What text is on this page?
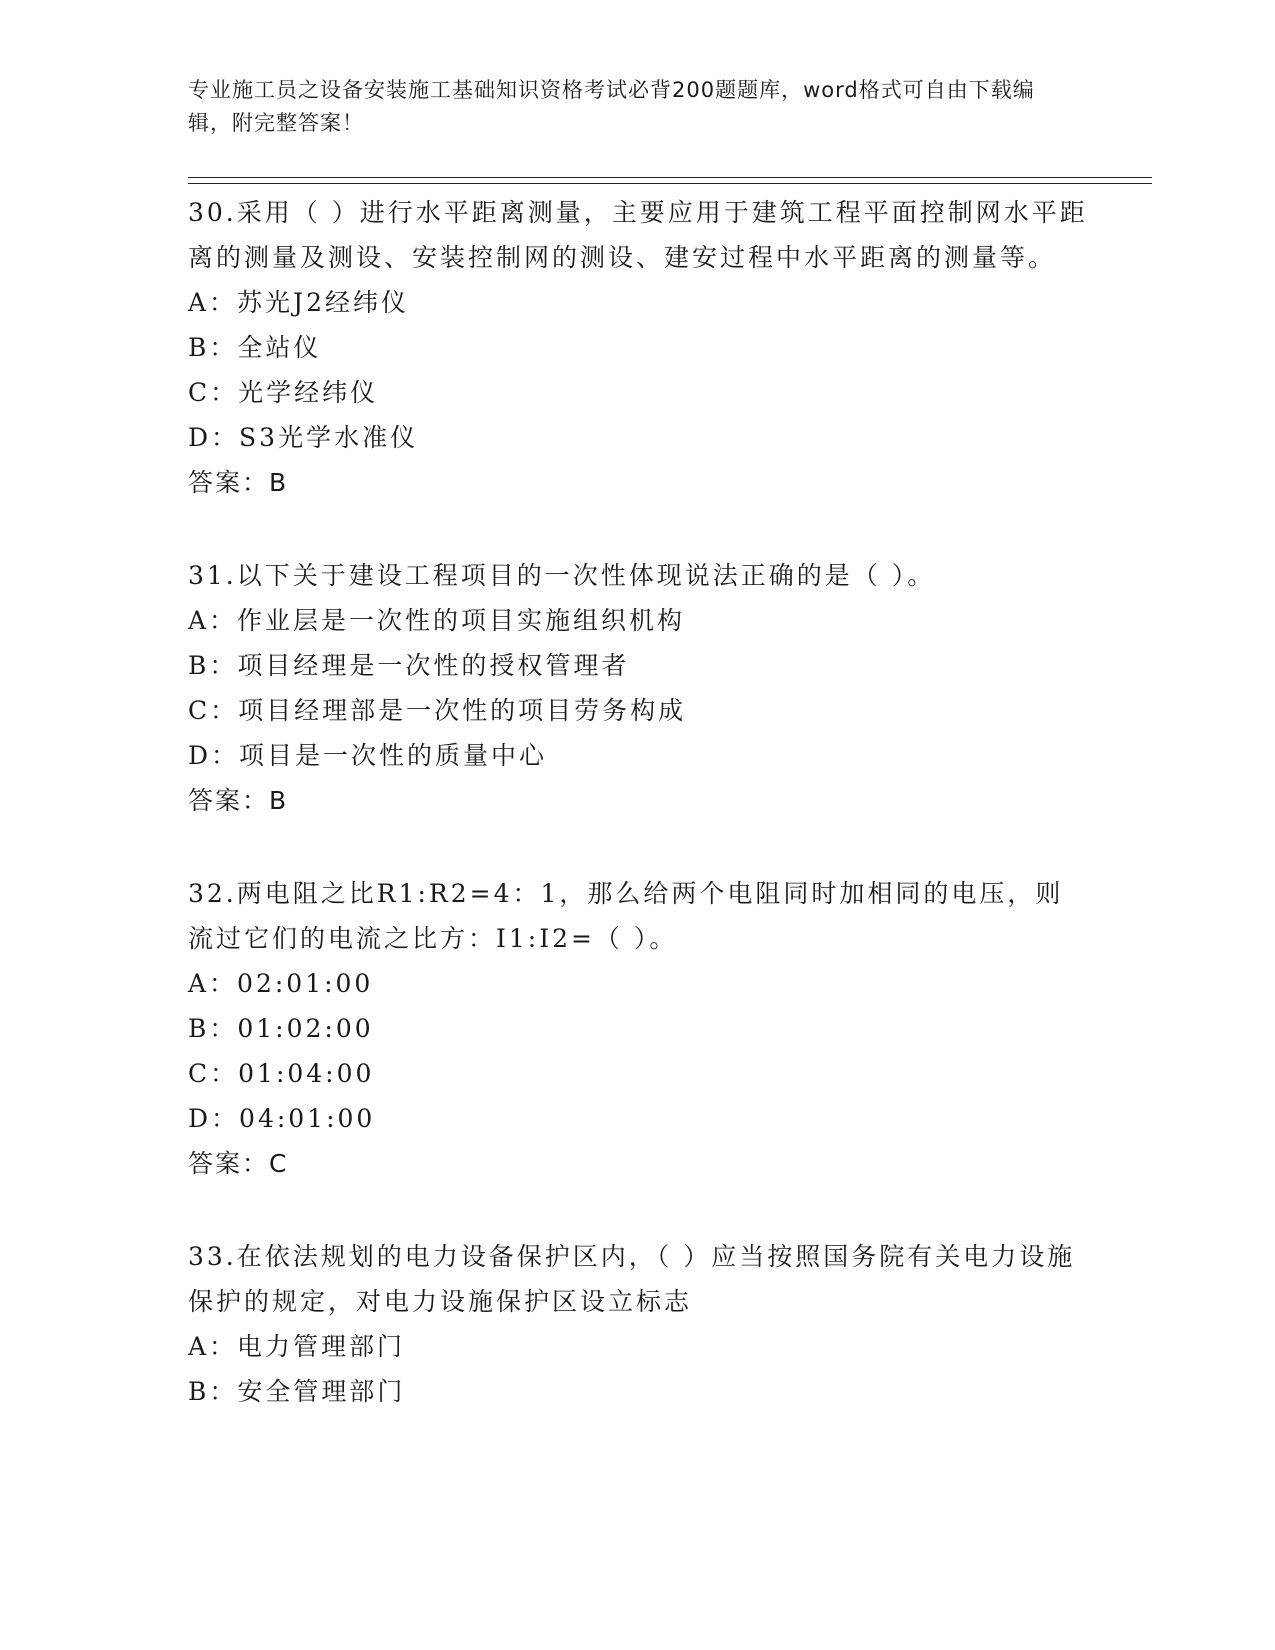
专业施工员之设备安装施工基础知识资格考试必背200题题库，word格式可自由下载编辑，附完整答案！

30.采用（ ）进行水平距离测量，主要应用于建筑工程平面控制网水平距离的测量及测设、安装控制网的测设、建安过程中水平距离的测量等。

A：苏光J2经纬仪

B：全站仪

C：光学经纬仪

D：S3光学水准仪

答案：B

31.以下关于建设工程项目的一次性体现说法正确的是（ ）。

A：作业层是一次性的项目实施组织机构

B：项目经理是一次性的授权管理者

C：项目经理部是一次性的项目劳务构成

D：项目是一次性的质量中心

答案：B

32.两电阻之比R1:R2=4：1，那么给两个电阻同时加相同的电压，则流过它们的电流之比方：I1:I2=（ ）。

A：02:01:00

B：01:02:00

C：01:04:00

D：04:01:00

答案：C

33.在依法规划的电力设备保护区内，（ ）应当按照国务院有关电力设施保护的规定，对电力设施保护区设立标志

A：电力管理部门

B：安全管理部门
